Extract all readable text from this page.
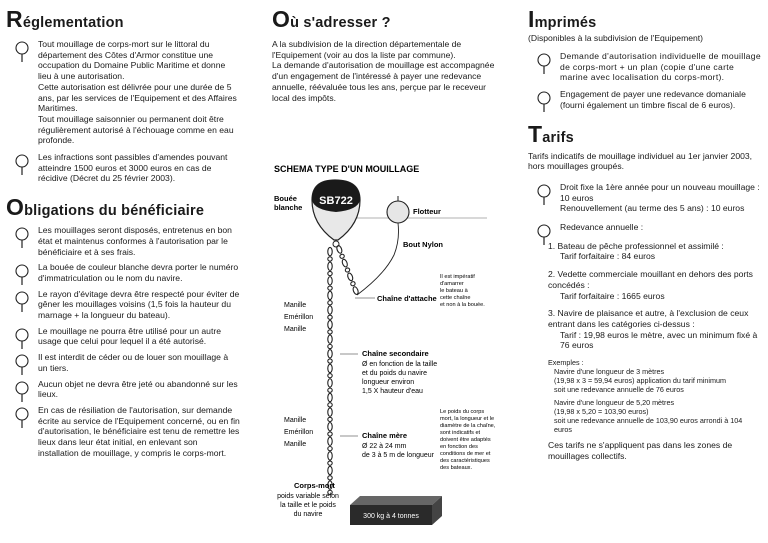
Réglementation

Tout mouillage de corps-mort sur le littoral du département des Côtes d'Armor constitue une occupation du Domaine Public Maritime et donne lieu à une autorisation.

Cette autorisation est délivrée pour une durée de 5 ans, par les services de l'Equipement et des Affaires Maritimes.

Tout mouillage saisonnier ou permanent doit être régulièrement autorisé à l'échouage comme en eau profonde.

Les infractions sont passibles d'amendes pouvant atteindre 1500 euros et 3000 euros en cas de récidive (Décret du 25 février 2003).

Obligations du bénéficiaire

Les mouillages seront disposés, entretenus en bon état et maintenus conformes à l'autorisation par le bénéficiaire et à ses frais.

La bouée de couleur blanche devra porter le numéro d'immatriculation ou le nom du navire.

Le rayon d'évitage devra être respecté pour éviter de gêner les mouillages voisins (1,5 fois la hauteur du marnage + la longueur du bateau).

Le mouillage ne pourra être utilisé pour un autre usage que celui pour lequel il a été autorisé.

Il est interdit de céder ou de louer son mouillage à un tiers.

Aucun objet ne devra être jeté ou abandonné sur les lieux.

En cas de résiliation de l'autorisation, sur demande écrite au service de l'Equipement concerné, ou en fin d'autorisation, le bénéficiaire est tenu de remettre les lieux dans leur état initial, en enlevant son installation de mouillage, y compris le corps-mort.

Où s'adresser ?

A la subdivision de la direction départementale de l'Equipement (voir au dos la liste par commune).

La demande d'autorisation de mouillage est accompagnée d'un engagement de l'intéressé à payer une redevance annuelle, réévaluée tous les ans, perçue par le receveur local des impôts.

SCHEMA TYPE D'UN MOUILLAGE
SB722
Bouée
blanche	Flotteur
Bout Nylon
Chaîne d'attache
Il est impératif
d'amarrer
le bateau à
cette chaîne
et non à la bouée.
Manille
Emérillon
Manille
Manille
Emérillon
Manille
Chaîne secondaire
Ø en fonction de la taille
et du poids du navire
longueur environ
1,5 X hauteur d'eau
Chaîne mère
Ø 22 à 24 mm
de 3 à 5 m de longueur
Le poids du corps
mort, la longueur et le
diamètre de la chaîne,
sont indicatifs et
doivent être adaptés
en fonction des
conditions de mer et
des caractéristiques
des bateaux.
Corps-mort
poids variable selon
la taille et le poids
du navire	300 kg à 4 tonnes
Imprimés

(Disponibles à la subdivision de l'Equipement)

Demande d'autorisation individuelle de mouillage de corps-mort + un plan (copie d'une carte marine avec localisation du corps-mort).

Engagement de payer une redevance domaniale (fourni également un timbre fiscal de 6 euros).

Tarifs

Tarifs indicatifs de mouillage individuel au 1er janvier 2003, hors mouillages groupés.

Droit fixe la 1ère année pour un nouveau mouillage : 10 euros

Renouvellement (au terme des 5 ans) : 10 euros

Redevance annuelle :

1. Bateau de pêche professionnel et assimilé :
Tarif forfaitaire : 84 euros
2. Vedette commerciale mouillant en dehors des ports concédés :
Tarif forfaitaire : 1665 euros
3. Navire de plaisance et autre, à l'exclusion de ceux entrant dans les catégories ci-dessus :
Tarif : 19,98 euros le mètre, avec un minimum fixé à 76 euros
Exemples :
Navire d'une longueur de 3 mètres
(19,98 x 3 = 59,94 euros) application du tarif minimum
soit une redevance annuelle de 76 euros
Navire d'une longueur de 5,20 mètres
(19,98 x 5,20 = 103,90 euros)
soit une redevance annuelle de 103,90 euros arrondi à 104 euros

Ces tarifs ne s'appliquent pas dans les zones de mouillages collectifs.
